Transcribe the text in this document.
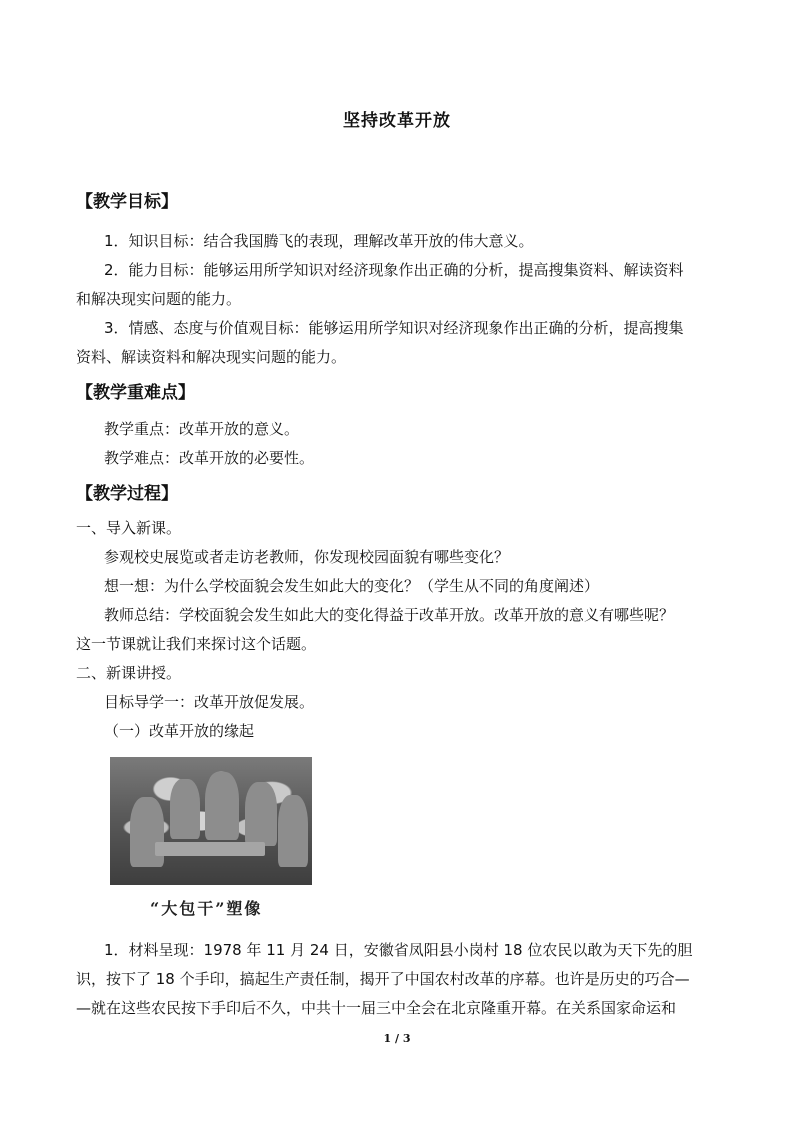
坚持改革开放
【教学目标】
1．知识目标：结合我国腾飞的表现，理解改革开放的伟大意义。
2．能力目标：能够运用所学知识对经济现象作出正确的分析，提高搜集资料、解读资料
和解决现实问题的能力。
3．情感、态度与价值观目标：能够运用所学知识对经济现象作出正确的分析，提高搜集
资料、解读资料和解决现实问题的能力。
【教学重难点】
教学重点：改革开放的意义。
教学难点：改革开放的必要性。
【教学过程】
一、导入新课。
参观校史展览或者走访老教师，你发现校园面貌有哪些变化？
想一想：为什么学校面貌会发生如此大的变化？（学生从不同的角度阐述）
教师总结：学校面貌会发生如此大的变化得益于改革开放。改革开放的意义有哪些呢？
这一节课就让我们来探讨这个话题。
二、新课讲授。
目标导学一：改革开放促发展。
（一）改革开放的缘起
“大包干”塑像
1．材料呈现：1978 年 11 月 24 日，安徽省凤阳县小岗村 18 位农民以敢为天下先的胆
识，按下了 18 个手印，搞起生产责任制，揭开了中国农村改革的序幕。也许是历史的巧合—
—就在这些农民按下手印后不久，中共十一届三中全会在北京隆重开幕。在关系国家命运和
1 / 3
